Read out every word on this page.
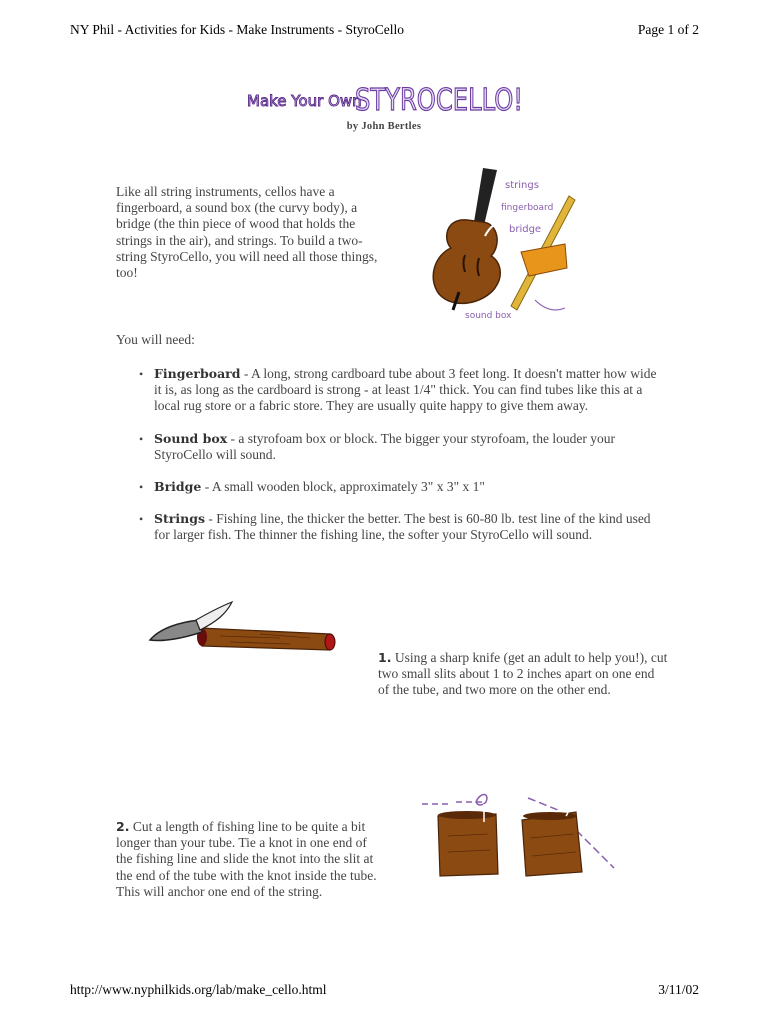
NY Phil - Activities for Kids - Make Instruments - StyroCello	Page 1 of 2
Make Your Own
STYROCELLO!
by John Bertles
Like all string instruments, cellos have a fingerboard, a sound box (the curvy body), a bridge (the thin piece of wood that holds the strings in the air), and strings. To build a two-string StyroCello, you will need all those things, too!
strings
fingerboard
bridge
sound box
You will need:
• Fingerboard - A long, strong cardboard tube about 3 feet long. It doesn't matter how wide it is, as long as the cardboard is strong - at least 1/4" thick. You can find tubes like this at a local rug store or a fabric store. They are usually quite happy to give them away.
• Sound box - a styrofoam box or block. The bigger your styrofoam, the louder your StyroCello will sound.
• Bridge - A small wooden block, approximately 3" x 3" x 1"
• Strings - Fishing line, the thicker the better. The best is 60-80 lb. test line of the kind used for larger fish. The thinner the fishing line, the softer your StyroCello will sound.
1. Using a sharp knife (get an adult to help you!), cut two small slits about 1 to 2 inches apart on one end of the tube, and two more on the other end.
2. Cut a length of fishing line to be quite a bit longer than your tube. Tie a knot in one end of the fishing line and slide the knot into the slit at the end of the tube with the knot inside the tube. This will anchor one end of the string.
http://www.nyphilkids.org/lab/make_cello.html	3/11/02
